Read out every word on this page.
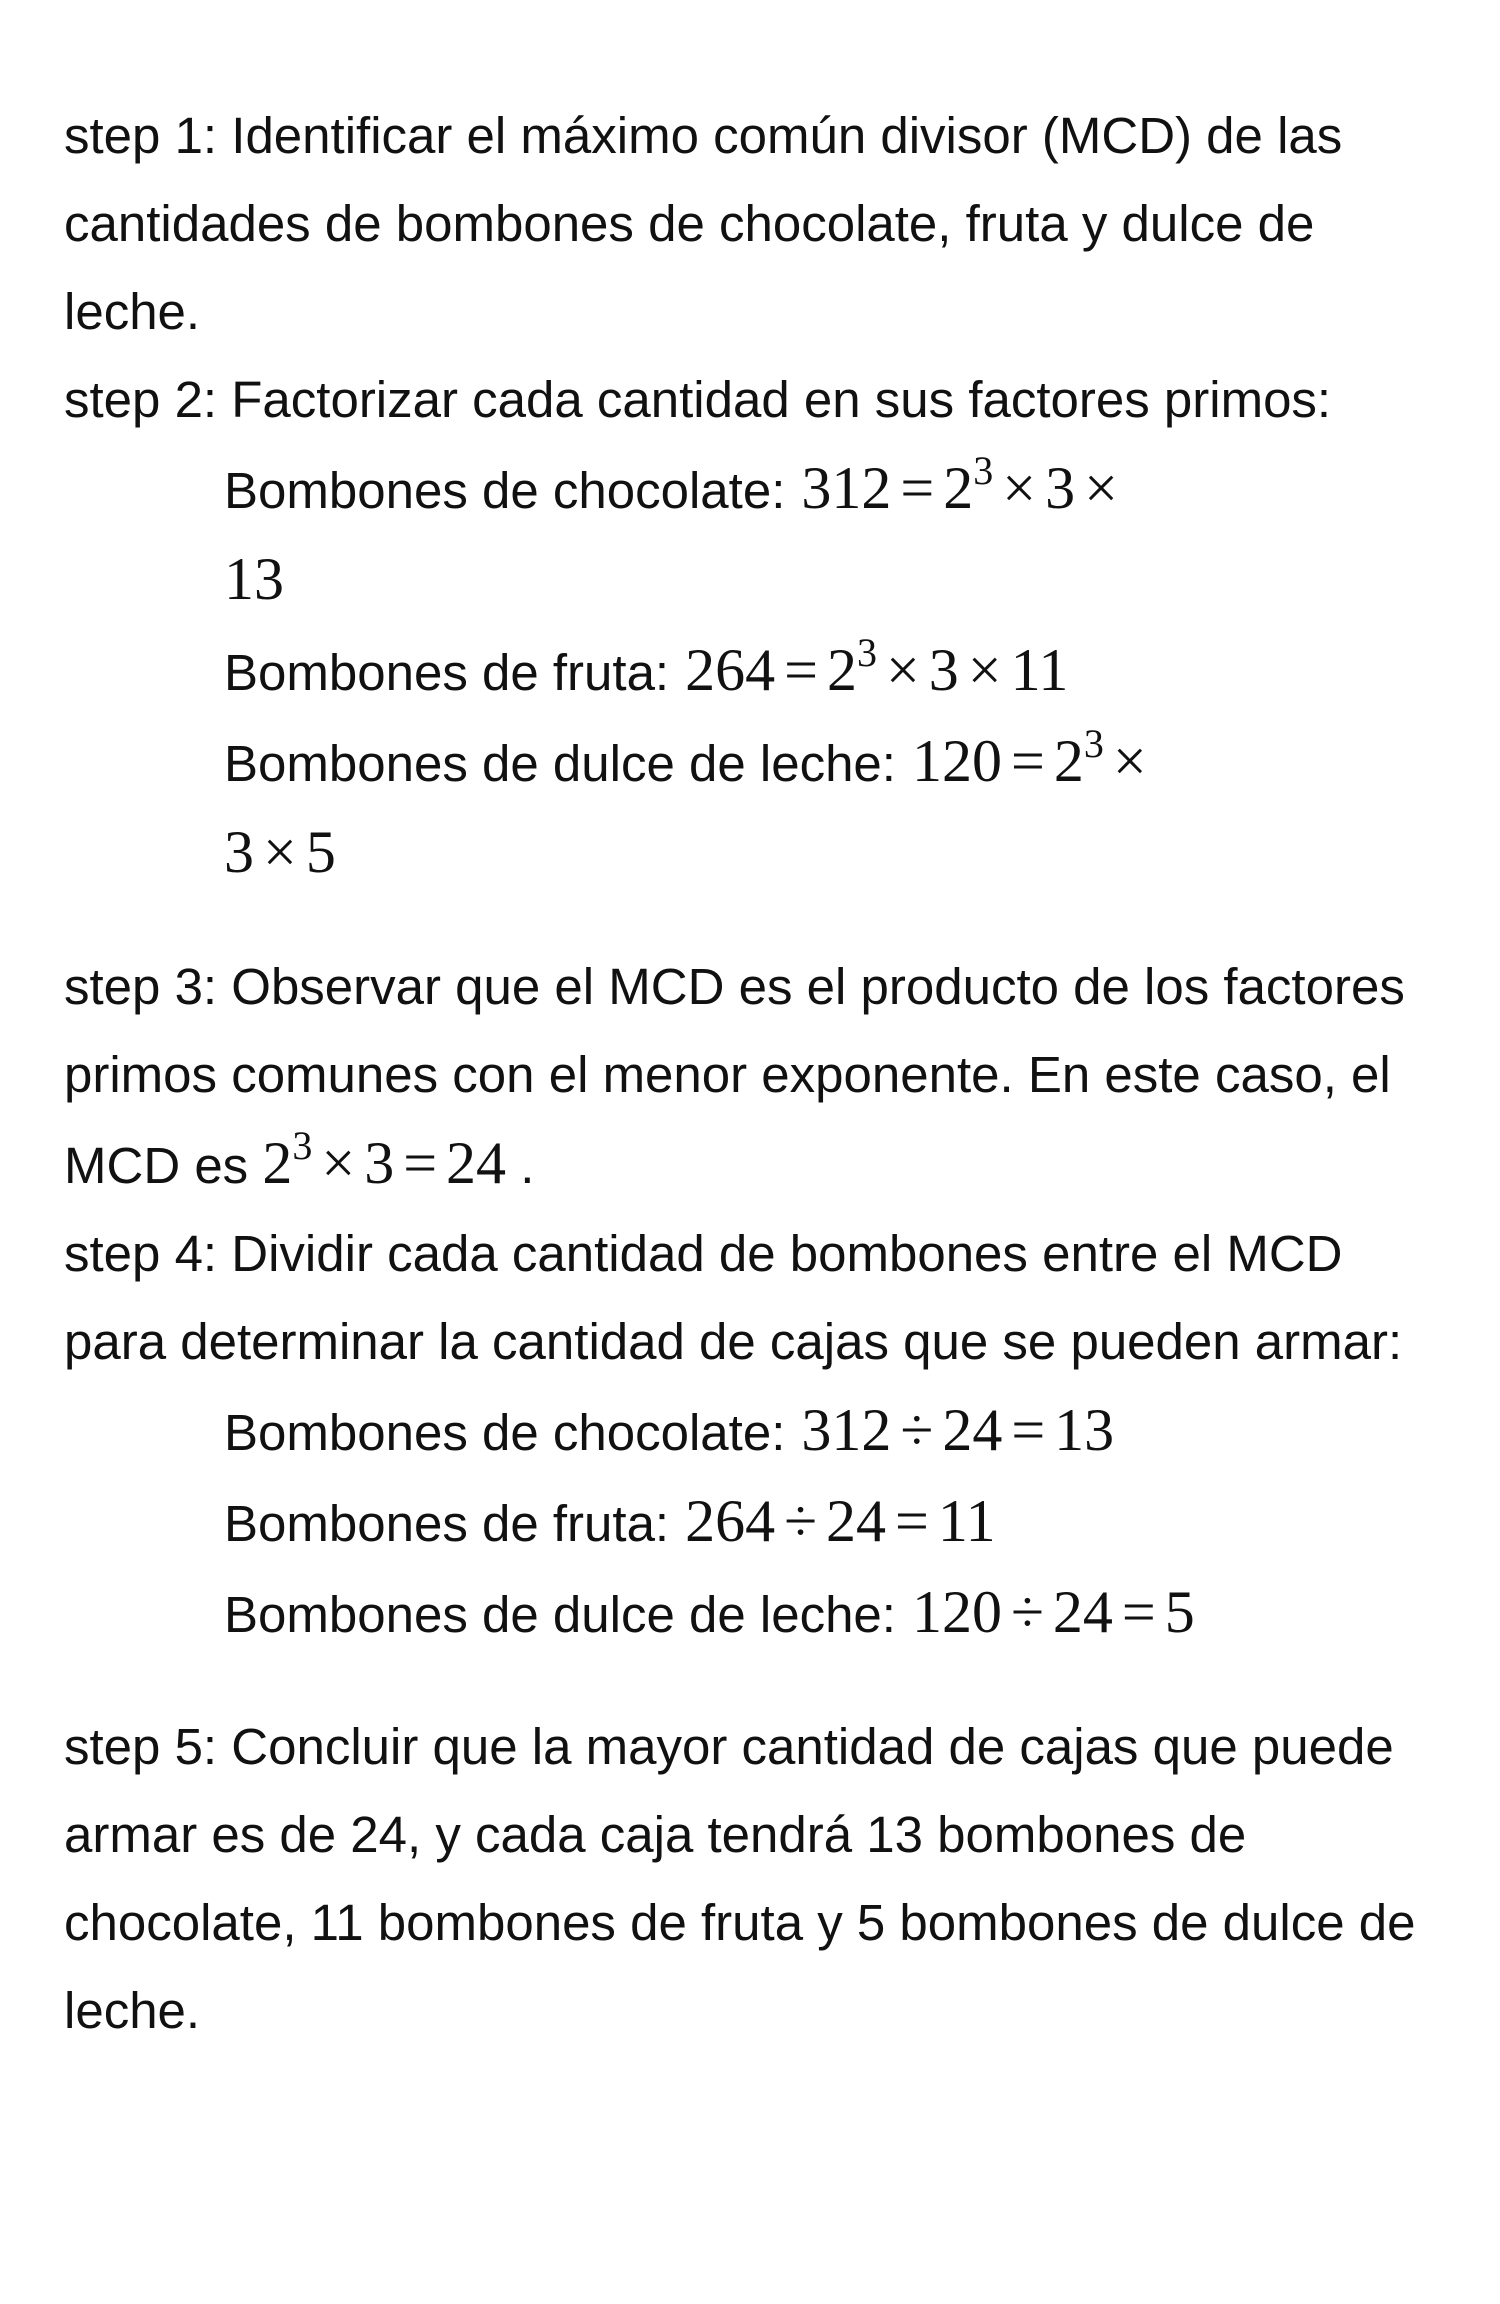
step 1: Identificar el máximo común divisor (MCD) de las cantidades de bombones de chocolate, fruta y dulce de leche.

step 2: Factorizar cada cantidad en sus factores primos:

Bombones de chocolate: $312 = 2^3 \times 3$ ×
13
Bombones de fruta: $264 = 2^3 \times 3 \times 11$
Bombones de dulce de leche: $120 = 2^3$ ×
3 × 5

step 3: Observar que el MCD es el producto de los factores primos comunes con el menor exponente. En este caso, el MCD es $2^3 \times 3 = 24$ .

step 4: Dividir cada cantidad de bombones entre el MCD para determinar la cantidad de cajas que se pueden armar:

Bombones de chocolate: 312 ÷ 24 = 13
Bombones de fruta: 264 ÷ 24 = 11
Bombones de dulce de leche: 120 ÷ 24 = 5

step 5: Concluir que la mayor cantidad de cajas que puede armar es de 24, y cada caja tendrá 13 bombones de chocolate, 11 bombones de fruta y 5 bombones de dulce de leche.
